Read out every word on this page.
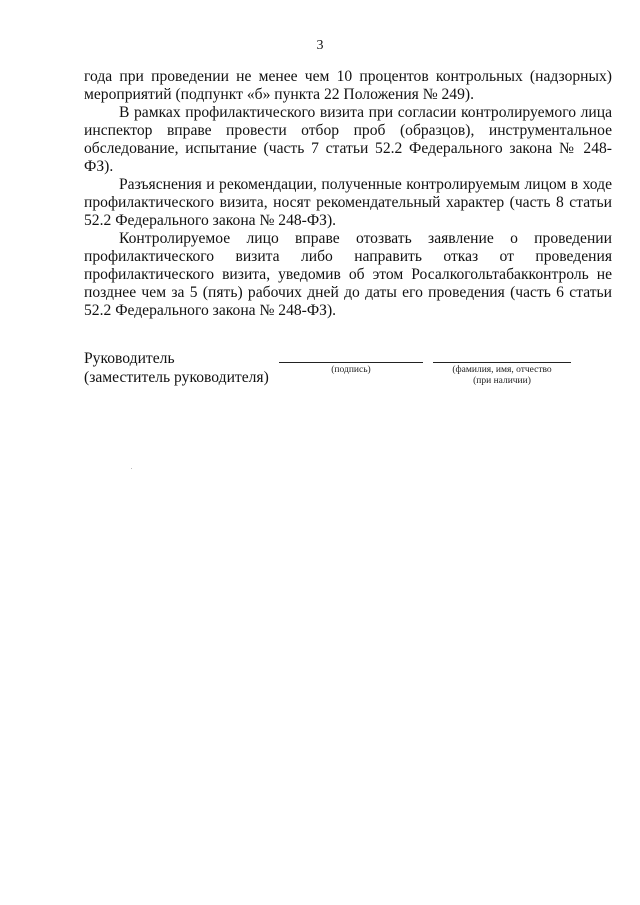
3

года при проведении не менее чем 10 процентов контрольных (надзорных) мероприятий (подпункт «б» пункта 22 Положения № 249).

В рамках профилактического визита при согласии контролируемого лица инспектор вправе провести отбор проб (образцов), инструментальное обследование, испытание (часть 7 статьи 52.2 Федерального закона № 248-ФЗ).

Разъяснения и рекомендации, полученные контролируемым лицом в ходе профилактического визита, носят рекомендательный характер (часть 8 статьи 52.2 Федерального закона № 248-ФЗ).

Контролируемое лицо вправе отозвать заявление о проведении профилактического визита либо направить отказ от проведения профилактического визита, уведомив об этом Росалкогольтабакконтроль не позднее чем за 5 (пять) рабочих дней до даты его проведения (часть 6 статьи 52.2 Федерального закона № 248-ФЗ).

Руководитель
(заместитель руководителя)	(подпись)	(фамилия, имя, отчество
(при наличии)
